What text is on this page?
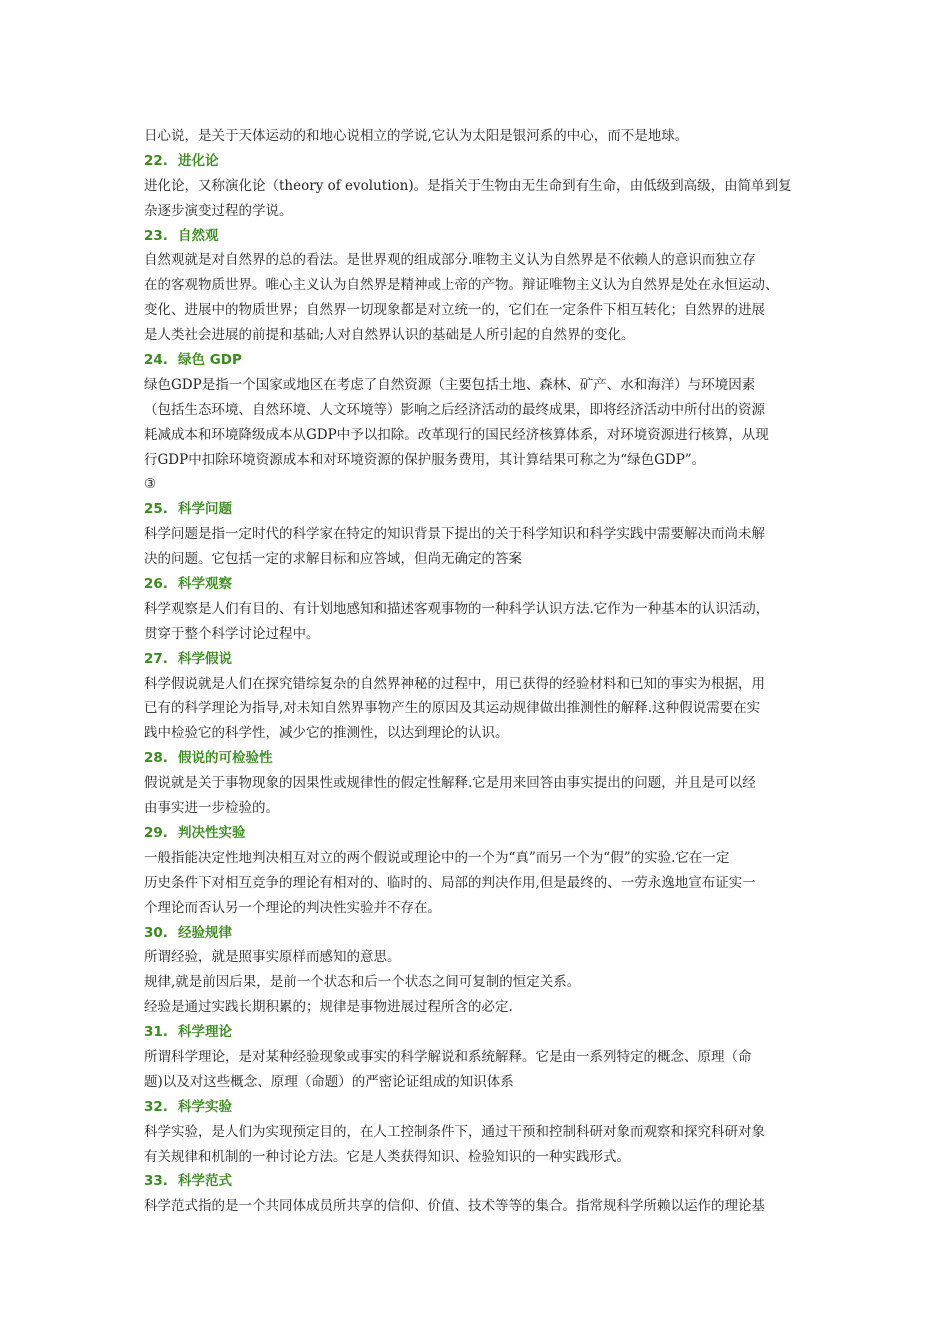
日心说，是关于天体运动的和地心说相立的学说,它认为太阳是银河系的中心，而不是地球。
22. 进化论
进化论，又称演化论（theory of evolution)。是指关于生物由无生命到有生命，由低级到高级，由简单到复
杂逐步演变过程的学说。
23. 自然观
自然观就是对自然界的总的看法。是世界观的组成部分.唯物主义认为自然界是不依赖人的意识而独立存
在的客观物质世界。唯心主义认为自然界是精神或上帝的产物。辩证唯物主义认为自然界是处在永恒运动、
变化、进展中的物质世界；自然界一切现象都是对立统一的，它们在一定条件下相互转化；自然界的进展
是人类社会进展的前提和基础;人对自然界认识的基础是人所引起的自然界的变化。
24. 绿色 GDP
绿色GDP是指一个国家或地区在考虑了自然资源（主要包括土地、森林、矿产、水和海洋）与环境因素
（包括生态环境、自然环境、人文环境等）影响之后经济活动的最终成果，即将经济活动中所付出的资源
耗减成本和环境降级成本从GDP中予以扣除。改革现行的国民经济核算体系，对环境资源进行核算，从现
行GDP中扣除环境资源成本和对环境资源的保护服务费用，其计算结果可称之为“绿色GDP”。
③
25. 科学问题
科学问题是指一定时代的科学家在特定的知识背景下提出的关于科学知识和科学实践中需要解决而尚未解
决的问题。它包括一定的求解目标和应答域，但尚无确定的答案
26. 科学观察
科学观察是人们有目的、有计划地感知和描述客观事物的一种科学认识方法.它作为一种基本的认识活动，
贯穿于整个科学讨论过程中。
27. 科学假说
科学假说就是人们在探究错综复杂的自然界神秘的过程中，用已获得的经验材料和已知的事实为根据，用
已有的科学理论为指导,对未知自然界事物产生的原因及其运动规律做出推测性的解释.这种假说需要在实
践中检验它的科学性，减少它的推测性，以达到理论的认识。
28. 假说的可检验性
假说就是关于事物现象的因果性或规律性的假定性解释.它是用来回答由事实提出的问题，并且是可以经
由事实进一步检验的。
29. 判决性实验
一般指能决定性地判决相互对立的两个假说或理论中的一个为“真”而另一个为“假”的实验.它在一定
历史条件下对相互竞争的理论有相对的、临时的、局部的判决作用,但是最终的、一劳永逸地宣布证实一
个理论而否认另一个理论的判决性实验并不存在。
30. 经验规律
所谓经验，就是照事实原样而感知的意思。
规律,就是前因后果，是前一个状态和后一个状态之间可复制的恒定关系。
经验是通过实践长期积累的；规律是事物进展过程所含的必定.
31. 科学理论
所谓科学理论，是对某种经验现象或事实的科学解说和系统解释。它是由一系列特定的概念、原理（命
题)以及对这些概念、原理（命题）的严密论证组成的知识体系
32. 科学实验
科学实验，是人们为实现预定目的，在人工控制条件下，通过干预和控制科研对象而观察和探究科研对象
有关规律和机制的一种讨论方法。它是人类获得知识、检验知识的一种实践形式。
33. 科学范式
科学范式指的是一个共同体成员所共享的信仰、价值、技术等等的集合。指常规科学所赖以运作的理论基
